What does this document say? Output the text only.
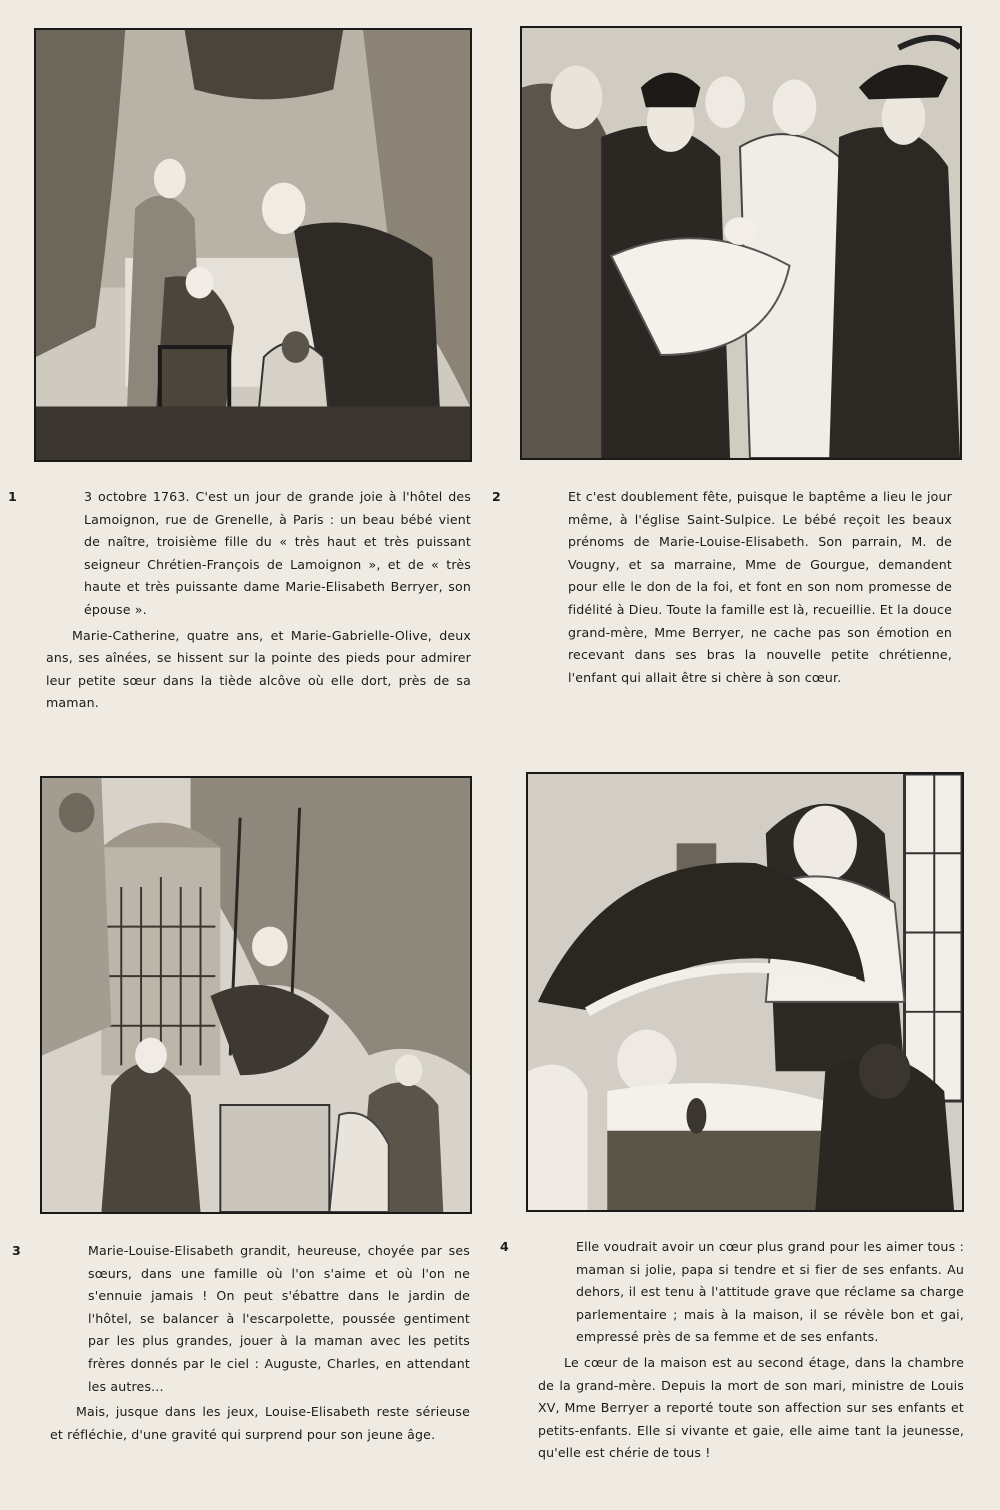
1	3 octobre 1763. C'est un jour de grande joie à l'hôtel des Lamoignon, rue de Grenelle, à Paris : un beau bébé vient de naître, troisième fille du « très haut et très puissant seigneur Chrétien-François de Lamoignon », et de « très haute et très puissante dame Marie-Elisabeth Berryer, son épouse ».

Marie-Catherine, quatre ans, et Marie-Gabrielle-Olive, deux ans, ses aînées, se hissent sur la pointe des pieds pour admirer leur petite sœur dans la tiède alcôve où elle dort, près de sa maman.

2	Et c'est doublement fête, puisque le baptême a lieu le jour même, à l'église Saint-Sulpice. Le bébé reçoit les beaux prénoms de Marie-Louise-Elisabeth. Son parrain, M. de Vougny, et sa marraine, Mme de Gourgue, demandent pour elle le don de la foi, et font en son nom promesse de fidélité à Dieu. Toute la famille est là, recueillie. Et la douce grand-mère, Mme Berryer, ne cache pas son émotion en recevant dans ses bras la nouvelle petite chrétienne, l'enfant qui allait être si chère à son cœur.

3	Marie-Louise-Elisabeth grandit, heureuse, choyée par ses sœurs, dans une famille où l'on s'aime et où l'on ne s'ennuie jamais ! On peut s'ébattre dans le jardin de l'hôtel, se balancer à l'escarpolette, poussée gentiment par les plus grandes, jouer à la maman avec les petits frères donnés par le ciel : Auguste, Charles, en attendant les autres...

Mais, jusque dans les jeux, Louise-Elisabeth reste sérieuse et réfléchie, d'une gravité qui surprend pour son jeune âge.

4	Elle voudrait avoir un cœur plus grand pour les aimer tous : maman si jolie, papa si tendre et si fier de ses enfants. Au dehors, il est tenu à l'attitude grave que réclame sa charge parlementaire ; mais à la maison, il se révèle bon et gai, empressé près de sa femme et de ses enfants.

Le cœur de la maison est au second étage, dans la chambre de la grand-mère. Depuis la mort de son mari, ministre de Louis XV, Mme Berryer a reporté toute son affection sur ses enfants et petits-enfants. Elle si vivante et gaie, elle aime tant la jeunesse, qu'elle est chérie de tous !
